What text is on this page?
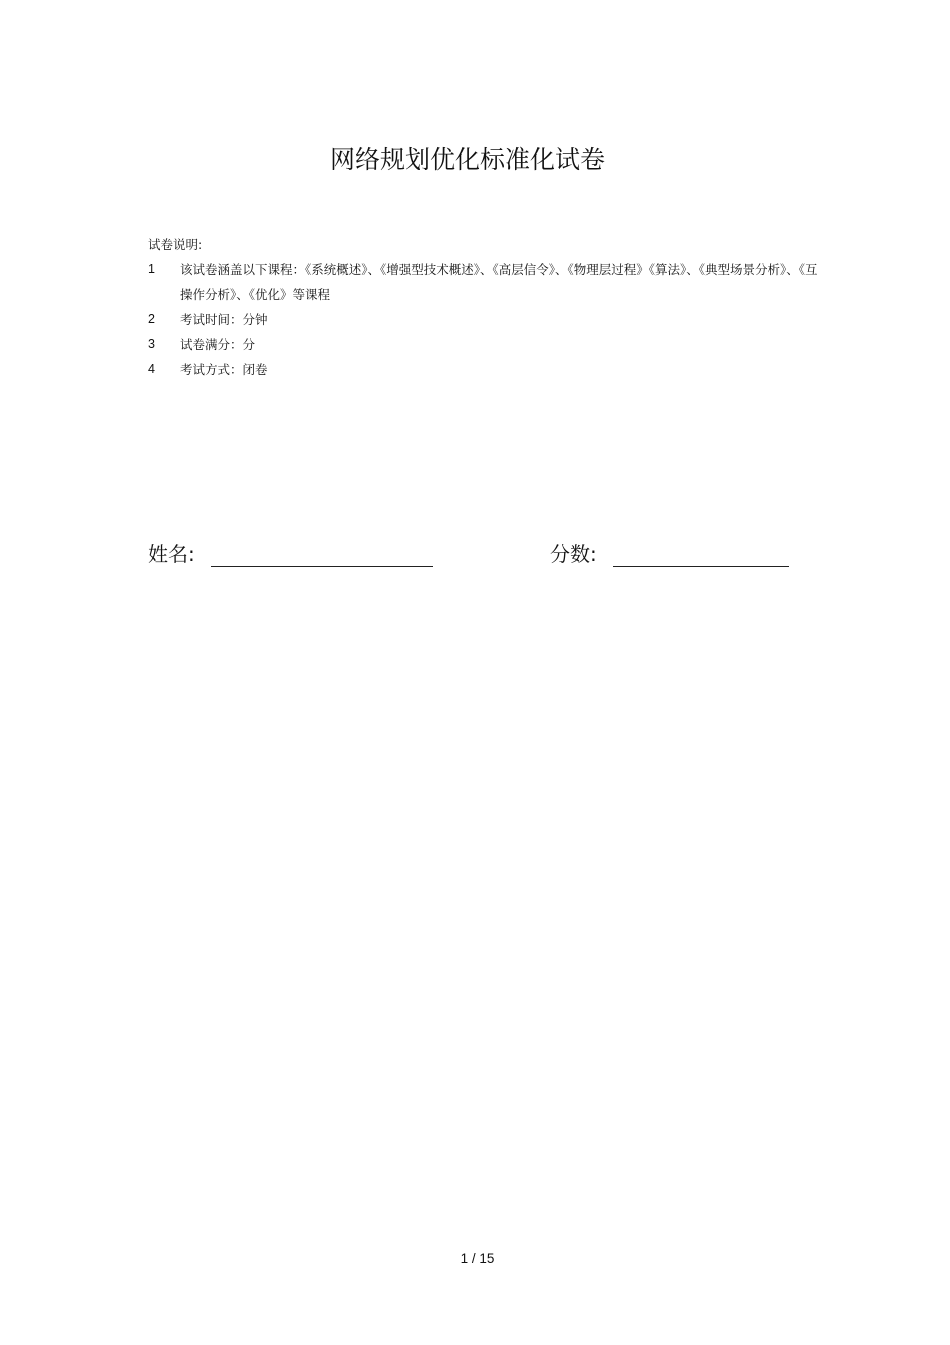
网络规划优化标准化试卷
试卷说明:
1 该试卷涵盖以下课程：《系统概述》、《增强型技术概述》、《高层信令》、《物理层过程》《算法》、《典型场景分析》、《互操作分析》、《优化》等课程
2 考试时间：分钟
3 试卷满分：分
4 考试方式：闭卷
姓名:	分数:
1 / 15
